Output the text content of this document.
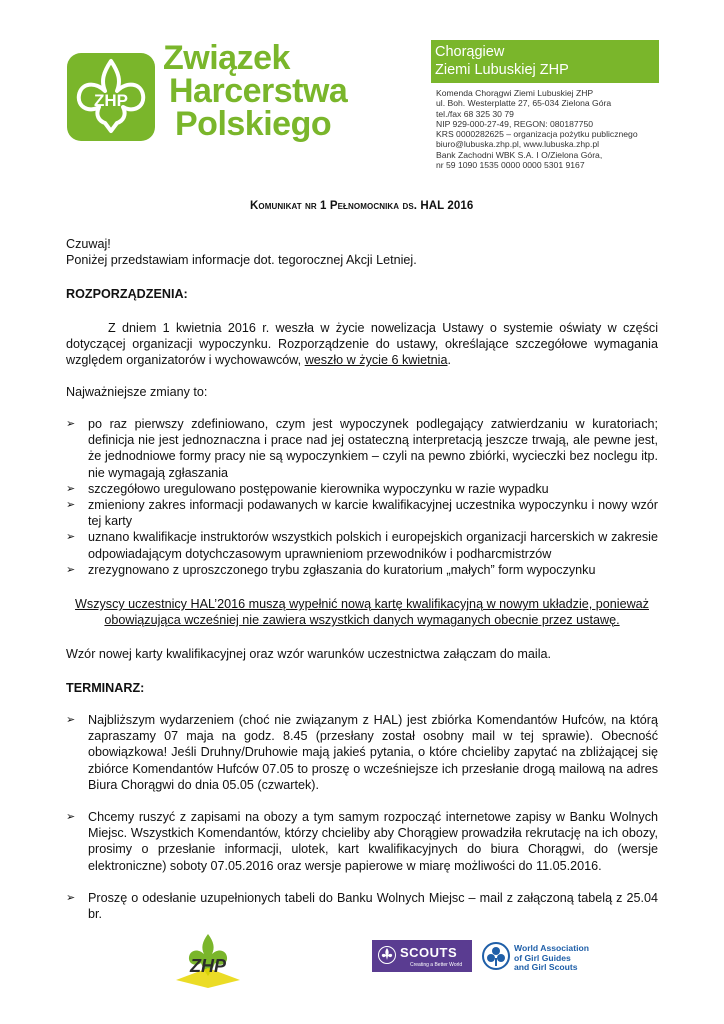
ZHP
Związek
Harcerstwa
Polskiego
Chorągiew
Ziemi Lubuskiej ZHP
Komenda Chorągwi Ziemi Lubuskiej ZHP
ul. Boh. Westerplatte 27, 65-034 Zielona Góra
tel./fax 68 325 30 79
NIP 929-000-27-49, REGON: 080187750
KRS 0000282625 – organizacja pożytku publicznego
biuro@lubuska.zhp.pl, www.lubuska.zhp.pl
Bank Zachodni WBK S.A. I O/Zielona Góra,
nr 59 1090 1535 0000 0000 5301 9167
Komunikat nr 1 Pełnomocnika ds. HAL 2016
Czuwaj!
Poniżej przedstawiam informacje dot. tegorocznej Akcji Letniej.
ROZPORZĄDZENIA:
Z dniem 1 kwietnia 2016 r. weszła w życie nowelizacja Ustawy o systemie oświaty w części dotyczącej organizacji wypoczynku. Rozporządzenie do ustawy, określające szczegółowe wymagania względem organizatorów i wychowawców, weszło w życie 6 kwietnia.
Najważniejsze zmiany to:
➢ po raz pierwszy zdefiniowano, czym jest wypoczynek podlegający zatwierdzaniu w kuratoriach; definicja nie jest jednoznaczna i prace nad jej ostateczną interpretacją jeszcze trwają, ale pewne jest, że jednodniowe formy pracy nie są wypoczynkiem – czyli na pewno zbiórki, wycieczki bez noclegu itp. nie wymagają zgłaszania
➢ szczegółowo uregulowano postępowanie kierownika wypoczynku w razie wypadku
➢ zmieniony zakres informacji podawanych w karcie kwalifikacyjnej uczestnika wypoczynku i nowy wzór tej karty
➢ uznano kwalifikacje instruktorów wszystkich polskich i europejskich organizacji harcerskich w zakresie odpowiadającym dotychczasowym uprawnieniom przewodników i podharcmistrzów
➢ zrezygnowano z uproszczonego trybu zgłaszania do kuratorium „małych” form wypoczynku
Wszyscy uczestnicy HAL’2016 muszą wypełnić nową kartę kwalifikacyjną w nowym układzie, ponieważ
obowiązująca wcześniej nie zawiera wszystkich danych wymaganych obecnie przez ustawę.
Wzór nowej karty kwalifikacyjnej oraz wzór warunków uczestnictwa załączam do maila.
TERMINARZ:
➢ Najbliższym wydarzeniem (choć nie związanym z HAL) jest zbiórka Komendantów Hufców, na którą zapraszamy 07 maja na godz. 8.45 (przesłany został osobny mail w tej sprawie). Obecność obowiązkowa! Jeśli Druhny/Druhowie mają jakieś pytania, o które chcieliby zapytać na zbliżającej się zbiórce Komendantów Hufców 07.05 to proszę o wcześniejsze ich przesłanie drogą mailową na adres Biura Chorągwi do dnia 05.05 (czwartek).
➢ Chcemy ruszyć z zapisami na obozy a tym samym rozpocząć internetowe zapisy w Banku Wolnych Miejsc. Wszystkich Komendantów, którzy chcieliby aby Chorągiew prowadziła rekrutację na ich obozy, prosimy o przesłanie informacji, ulotek, kart kwalifikacyjnych do biura Chorągwi, do (wersje elektroniczne) soboty 07.05.2016 oraz wersje papierowe w miarę możliwości do 11.05.2016.
➢ Proszę o odesłanie uzupełnionych tabeli do Banku Wolnych Miejsc – mail z załączoną tabelą z 25.04 br.
ZHP
SCOUTS
Creating a Better World
World Association
of Girl Guides
and Girl Scouts
